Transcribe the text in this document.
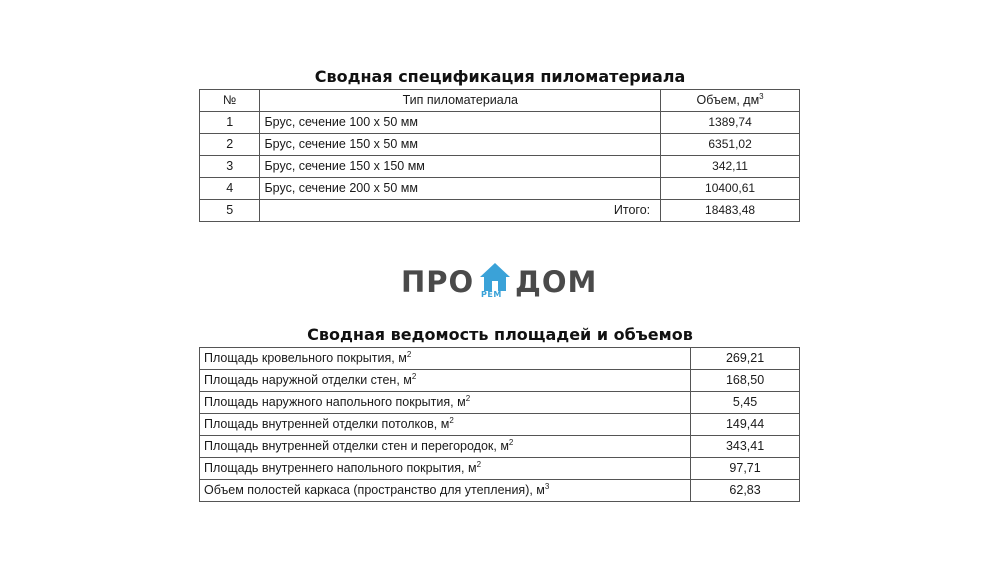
Сводная спецификация пиломатериала
№	Тип пиломатериала	Объем, $дм^3$
1	Брус, сечение 100 х 50 мм	1389,74
2	Брус, сечение 150 х 50 мм	6351,02
3	Брус, сечение 150 х 150 мм	342,11
4	Брус, сечение 200 х 50 мм	10400,61
5	Итого:	18483,48
ПРО РЕМ ДОМ
Сводная ведомость площадей и объемов
Площадь кровельного покрытия, $м^2$	269,21
Площадь наружной отделки стен, $м^2$	168,50
Площадь наружного напольного покрытия, $м^2$	5,45
Площадь внутренней отделки потолков, $м^2$	149,44
Площадь внутренней отделки стен и перегородок, $м^2$	343,41
Площадь внутреннего напольного покрытия, $м^2$	97,71
Объем полостей каркаса (пространство для утепления), $м^3$	62,83
